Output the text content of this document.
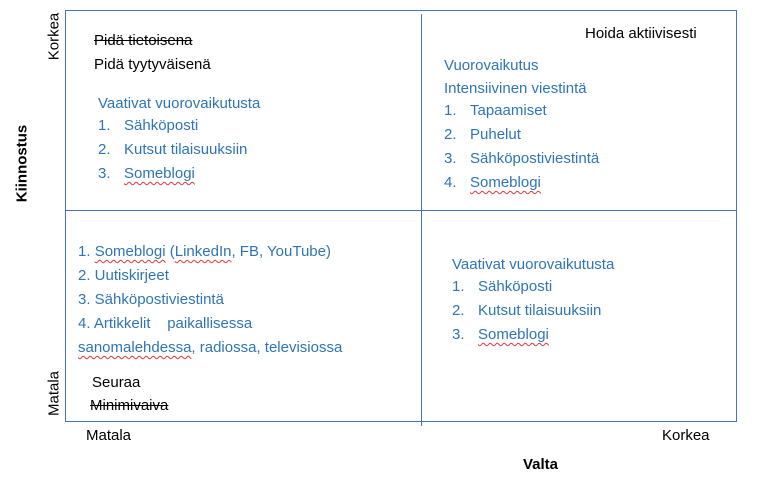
Kiinnostus
Korkea
Matala
Matala	Korkea
Valta
Pidä tietoisena
Pidä tyytyväisenä
Vaativat vuorovaikutusta
1. Sähköposti
2. Kutsut tilaisuuksiin
3. Someblogi
Hoida aktiivisesti
Vuorovaikutus
Intensiivinen viestintä
1. Tapaamiset
2. Puhelut
3. Sähköpostiviestintä
4. Someblogi
1. Someblogi (LinkedIn, FB, YouTube)
2. Uutiskirjeet
3. Sähköpostiviestintä
4. Artikkelit    paikallisessa
sanomalehdessa, radiossa, televisiossa
Seuraa
Minimivaiva
Vaativat vuorovaikutusta
1. Sähköposti
2. Kutsut tilaisuuksiin
3. Someblogi
